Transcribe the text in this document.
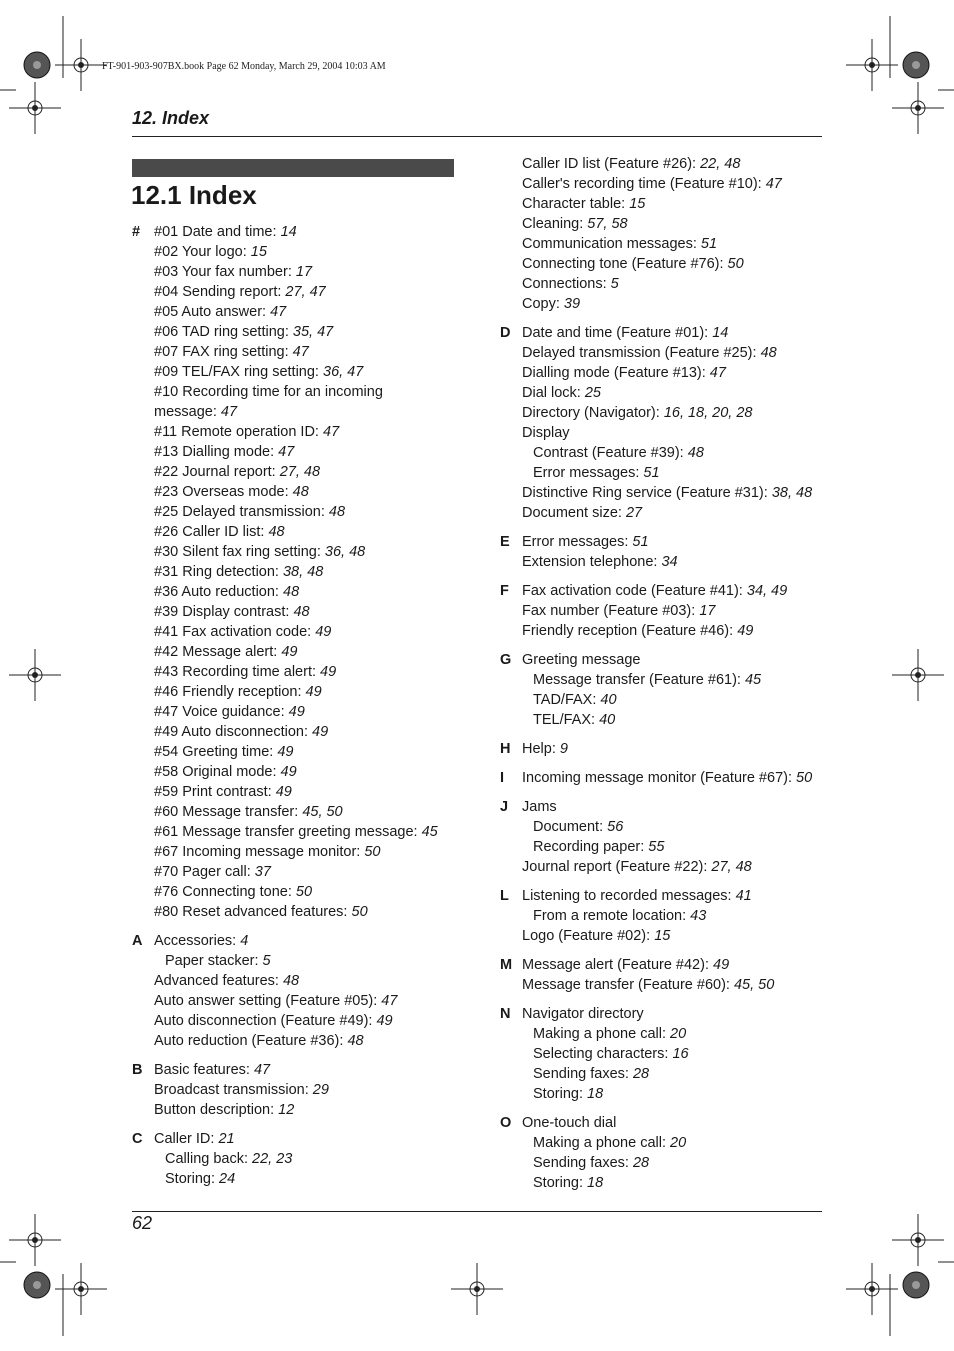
FT-901-903-907BX.book Page 62 Monday, March 29, 2004 10:03 AM
12. Index
12.1 Index
# #01 Date and time: 14
#02 Your logo: 15
#03 Your fax number: 17
#04 Sending report: 27, 47
#05 Auto answer: 47
#06 TAD ring setting: 35, 47
#07 FAX ring setting: 47
#09 TEL/FAX ring setting: 36, 47
#10 Recording time for an incoming message: 47
#11 Remote operation ID: 47
#13 Dialling mode: 47
#22 Journal report: 27, 48
#23 Overseas mode: 48
#25 Delayed transmission: 48
#26 Caller ID list: 48
#30 Silent fax ring setting: 36, 48
#31 Ring detection: 38, 48
#36 Auto reduction: 48
#39 Display contrast: 48
#41 Fax activation code: 49
#42 Message alert: 49
#43 Recording time alert: 49
#46 Friendly reception: 49
#47 Voice guidance: 49
#49 Auto disconnection: 49
#54 Greeting time: 49
#58 Original mode: 49
#59 Print contrast: 49
#60 Message transfer: 45, 50
#61 Message transfer greeting message: 45
#67 Incoming message monitor: 50
#70 Pager call: 37
#76 Connecting tone: 50
#80 Reset advanced features: 50
A Accessories: 4
Paper stacker: 5
Advanced features: 48
Auto answer setting (Feature #05): 47
Auto disconnection (Feature #49): 49
Auto reduction (Feature #36): 48
B Basic features: 47
Broadcast transmission: 29
Button description: 12
C Caller ID: 21
Calling back: 22, 23
Storing: 24
Caller ID list (Feature #26): 22, 48
Caller's recording time (Feature #10): 47
Character table: 15
Cleaning: 57, 58
Communication messages: 51
Connecting tone (Feature #76): 50
Connections: 5
Copy: 39
D Date and time (Feature #01): 14
Delayed transmission (Feature #25): 48
Dialling mode (Feature #13): 47
Dial lock: 25
Directory (Navigator): 16, 18, 20, 28
Display
Contrast (Feature #39): 48
Error messages: 51
Distinctive Ring service (Feature #31): 38, 48
Document size: 27
E Error messages: 51
Extension telephone: 34
F Fax activation code (Feature #41): 34, 49
Fax number (Feature #03): 17
Friendly reception (Feature #46): 49
G Greeting message
Message transfer (Feature #61): 45
TAD/FAX: 40
TEL/FAX: 40
H Help: 9
I	Incoming message monitor (Feature #67): 50
J Jams
Document: 56
Recording paper: 55
Journal report (Feature #22): 27, 48
L Listening to recorded messages: 41
From a remote location: 43
Logo (Feature #02): 15
M Message alert (Feature #42): 49
Message transfer (Feature #60): 45, 50
N Navigator directory
Making a phone call: 20
Selecting characters: 16
Sending faxes: 28
Storing: 18
O One-touch dial
Making a phone call: 20
Sending faxes: 28
Storing: 18
62
